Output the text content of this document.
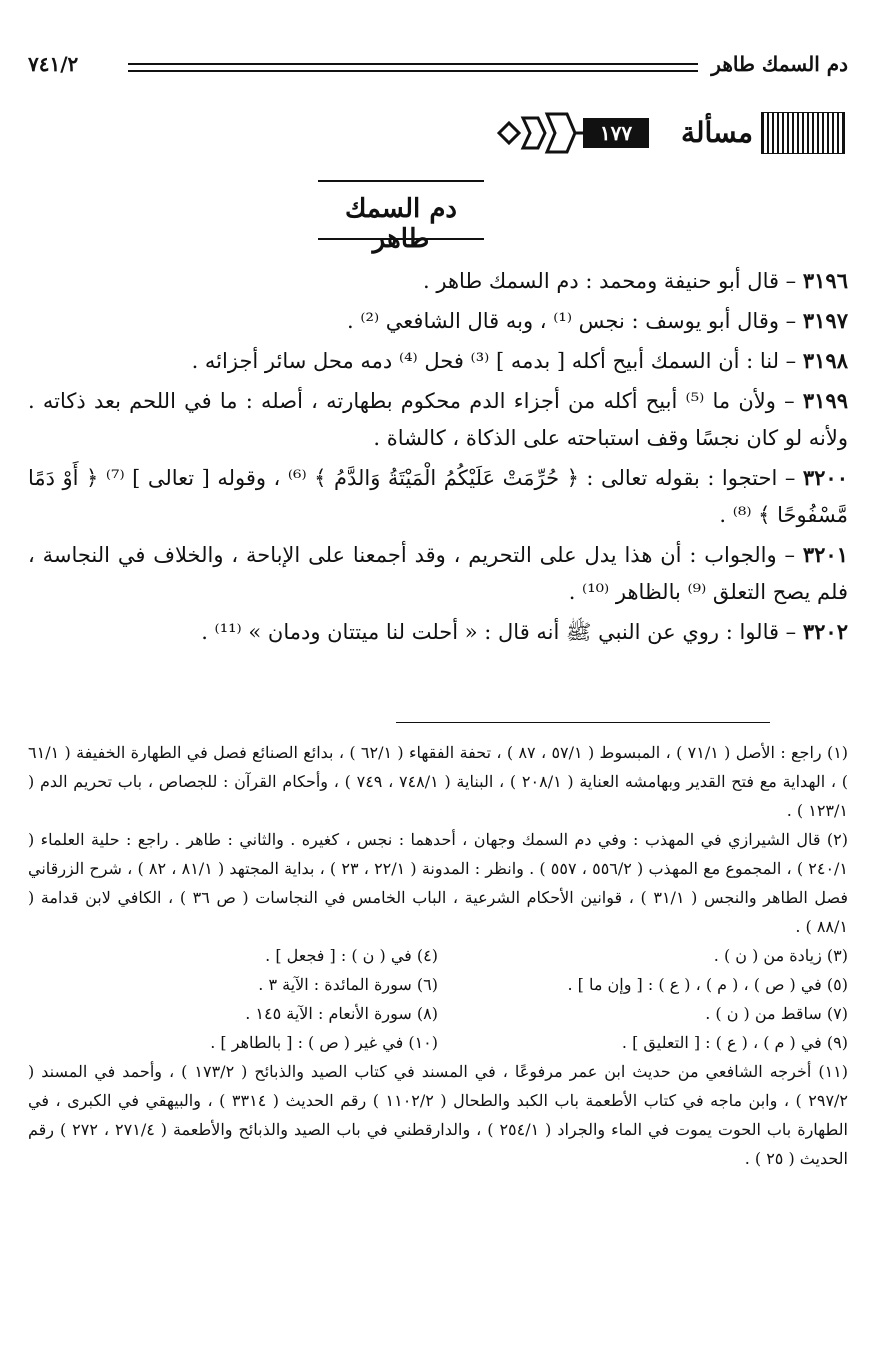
دم السمك طاهر
٧٤١/٢
١٧٧	مسألة
دم السمك طاهر

٣١٩٦ – قال أبو حنيفة ومحمد : دم السمك طاهر .

٣١٩٧ – وقال أبو يوسف : نجس ⁽¹⁾ ، وبه قال الشافعي ⁽²⁾ .

٣١٩٨ – لنا : أن السمك أبيح أكله [ بدمه ] ⁽³⁾ فحل ⁽⁴⁾ دمه محل سائر أجزائه .

٣١٩٩ – ولأن ما ⁽⁵⁾ أبيح أكله من أجزاء الدم محكوم بطهارته ، أصله : ما في اللحم بعد ذكاته . ولأنه لو كان نجسًا وقف استباحته على الذكاة ، كالشاة .

٣٢٠٠ – احتجوا : بقوله تعالى : ﴿ حُرِّمَتْ عَلَيْكُمُ الْمَيْتَةُ وَالدَّمُ ﴾ ⁽⁶⁾ ، وقوله [ تعالى ] ⁽⁷⁾ ﴿ أَوْ دَمًا مَّسْفُوحًا ﴾ ⁽⁸⁾ .

٣٢٠١ – والجواب : أن هذا يدل على التحريم ، وقد أجمعنا على الإباحة ، والخلاف في النجاسة ، فلم يصح التعلق ⁽⁹⁾ بالظاهر ⁽¹⁰⁾ .

٣٢٠٢ – قالوا : روي عن النبي ﷺ أنه قال : « أحلت لنا ميتتان ودمان » ⁽¹¹⁾ .

(١) راجع : الأصل ( ٧١/١ ) ، المبسوط ( ٥٧/١ ، ٨٧ ) ، تحفة الفقهاء ( ٦٢/١ ) ، بدائع الصنائع فصل في الطهارة الخفيفة ( ٦١/١ ) ، الهداية مع فتح القدير وبهامشه العناية ( ٢٠٨/١ ) ، البناية ( ٧٤٨/١ ، ٧٤٩ ) ، وأحكام القرآن : للجصاص ، باب تحريم الدم ( ١٢٣/١ ) .

(٢) قال الشيرازي في المهذب : وفي دم السمك وجهان ، أحدهما : نجس ، كغيره . والثاني : طاهر . راجع : حلية العلماء ( ٢٤٠/١ ) ، المجموع مع المهذب ( ٥٥٦/٢ ، ٥٥٧ ) . وانظر : المدونة ( ٢٢/١ ، ٢٣ ) ، بداية المجتهد ( ٨١/١ ، ٨٢ ) ، شرح الزرقاني فصل الطاهر والنجس ( ٣١/١ ) ، قوانين الأحكام الشرعية ، الباب الخامس في النجاسات ( ص ٣٦ ) ، الكافي لابن قدامة ( ٨٨/١ ) .

(٣) زيادة من ( ن ) .
(٤) في ( ن ) : [ فجعل ] .

(٥) في ( ص ) ، ( م ) ، ( ع ) : [ وإن ما ] .
(٦) سورة المائدة : الآية ٣ .

(٧) ساقط من ( ن ) .
(٨) سورة الأنعام : الآية ١٤٥ .

(٩) في ( م ) ، ( ع ) : [ التعليق ] .
(١٠) في غير ( ص ) : [ بالطاهر ] .

(١١) أخرجه الشافعي من حديث ابن عمر مرفوعًا ، في المسند في كتاب الصيد والذبائح ( ١٧٣/٢ ) ، وأحمد في المسند ( ٢٩٧/٢ ) ، وابن ماجه في كتاب الأطعمة باب الكبد والطحال ( ١١٠٢/٢ ) رقم الحديث ( ٣٣١٤ ) ، والبيهقي في الكبرى ، في الطهارة باب الحوت يموت في الماء والجراد ( ٢٥٤/١ ) ، والدارقطني في باب الصيد والذبائح والأطعمة ( ٢٧١/٤ ، ٢٧٢ ) رقم الحديث ( ٢٥ ) .
